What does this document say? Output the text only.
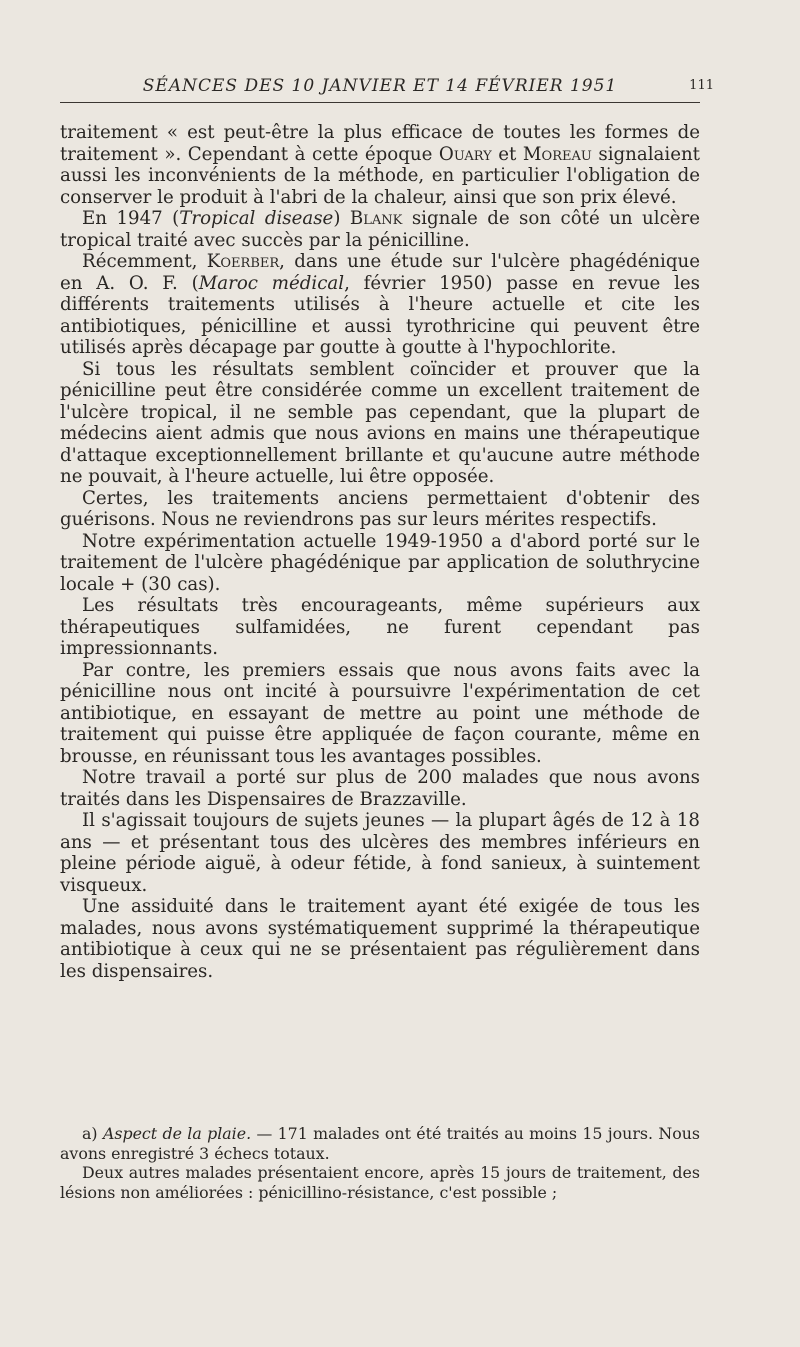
SÉANCES DES 10 JANVIER ET 14 FÉVRIER 1951	111

traitement « est peut-être la plus efficace de toutes les formes de traitement ». Cependant à cette époque Ouary et Moreau signalaient aussi les inconvénients de la méthode, en particulier l'obligation de conserver le produit à l'abri de la chaleur, ainsi que son prix élevé.

En 1947 (Tropical disease) Blank signale de son côté un ulcère tropical traité avec succès par la pénicilline.

Récemment, Koerber, dans une étude sur l'ulcère phagédénique en A. O. F. (Maroc médical, février 1950) passe en revue les différents traitements utilisés à l'heure actuelle et cite les antibiotiques, pénicilline et aussi tyrothricine qui peuvent être utilisés après décapage par goutte à goutte à l'hypochlorite.

Si tous les résultats semblent coïncider et prouver que la pénicilline peut être considérée comme un excellent traitement de l'ulcère tropical, il ne semble pas cependant, que la plupart de médecins aient admis que nous avions en mains une thérapeutique d'attaque exceptionnellement brillante et qu'aucune autre méthode ne pouvait, à l'heure actuelle, lui être opposée.

Certes, les traitements anciens permettaient d'obtenir des guérisons. Nous ne reviendrons pas sur leurs mérites respectifs.

Notre expérimentation actuelle 1949-1950 a d'abord porté sur le traitement de l'ulcère phagédénique par application de soluthrycine locale + (30 cas).

Les résultats très encourageants, même supérieurs aux thérapeutiques sulfamidées, ne furent cependant pas impressionnants.

Par contre, les premiers essais que nous avons faits avec la pénicilline nous ont incité à poursuivre l'expérimentation de cet antibiotique, en essayant de mettre au point une méthode de traitement qui puisse être appliquée de façon courante, même en brousse, en réunissant tous les avantages possibles.

Notre travail a porté sur plus de 200 malades que nous avons traités dans les Dispensaires de Brazzaville.

Il s'agissait toujours de sujets jeunes — la plupart âgés de 12 à 18 ans — et présentant tous des ulcères des membres inférieurs en pleine période aiguë, à odeur fétide, à fond sanieux, à suintement visqueux.

Une assiduité dans le traitement ayant été exigée de tous les malades, nous avons systématiquement supprimé la thérapeutique antibiotique à ceux qui ne se présentaient pas régulièrement dans les dispensaires.

a) Aspect de la plaie. — 171 malades ont été traités au moins 15 jours. Nous avons enregistré 3 échecs totaux.

Deux autres malades présentaient encore, après 15 jours de traitement, des lésions non améliorées : pénicillino-résistance, c'est possible ;
